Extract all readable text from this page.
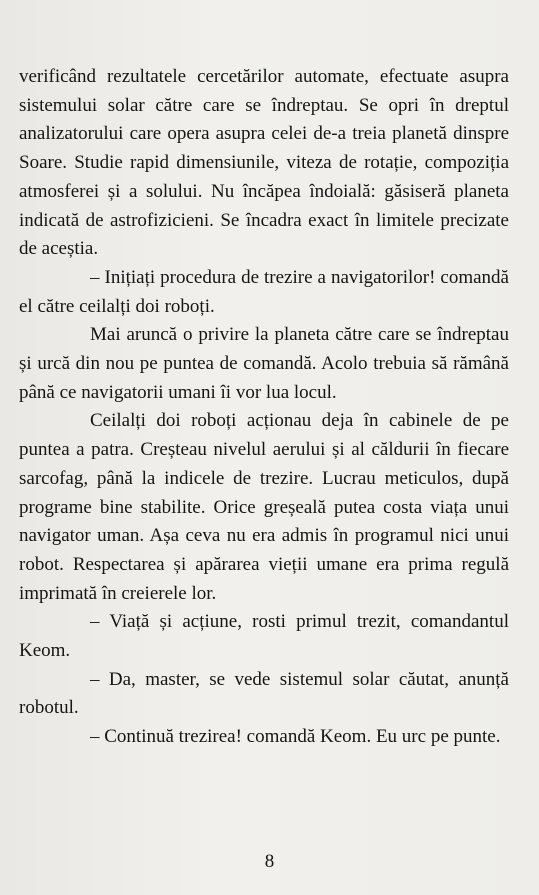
verificând rezultatele cercetărilor automate, efectuate asupra sistemului solar către care se îndreptau. Se opri în dreptul analizatorului care opera asupra celei de-a treia planetă dinspre Soare. Studie rapid dimensiunile, viteza de rotație, compoziția atmosferei și a solului. Nu încăpea îndoială: găsiseră planeta indicată de astrofizicieni. Se încadra exact în limitele precizate de aceștia.

– Inițiați procedura de trezire a navigatorilor! comandă el către ceilalți doi roboți.

Mai aruncă o privire la planeta către care se îndreptau și urcă din nou pe puntea de comandă. Acolo trebuia să rămână până ce navigatorii umani îi vor lua locul.

Ceilalți doi roboți acționau deja în cabinele de pe puntea a patra. Creșteau nivelul aerului și al căldurii în fiecare sarcofag, până la indicele de trezire. Lucrau meticulos, după programe bine stabilite. Orice greșeală putea costa viața unui navigator uman. Așa ceva nu era admis în programul nici unui robot. Respectarea și apărarea vieții umane era prima regulă imprimată în creierele lor.

– Viață și acțiune, rosti primul trezit, comandantul Keom.

– Da, master, se vede sistemul solar căutat, anunță robotul.

– Continuă trezirea! comandă Keom. Eu urc pe punte.

8
